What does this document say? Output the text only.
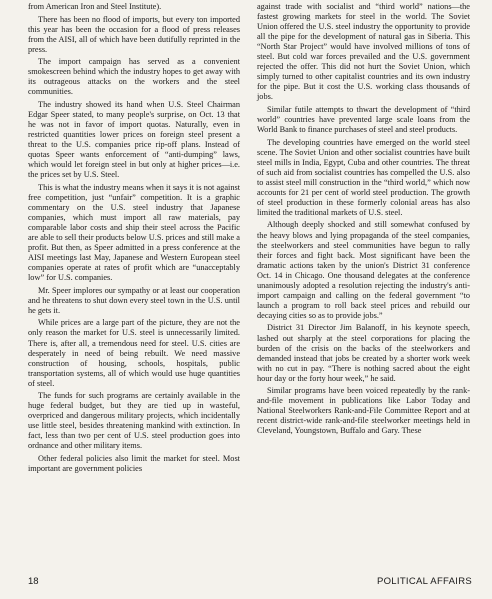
from American Iron and Steel Institute).

There has been no flood of imports, but every ton imported this year has been the occasion for a flood of press releases from the AISI, all of which have been dutifully reprinted in the press.

The import campaign has served as a convenient smokescreen behind which the industry hopes to get away with its outrageous attacks on the workers and the steel communities.

The industry showed its hand when U.S. Steel Chairman Edgar Speer stated, to many people's surprise, on Oct. 13 that he was not in favor of import quotas. Naturally, even in restricted quantities lower prices on foreign steel present a threat to the U.S. companies price rip-off plans. Instead of quotas Speer wants enforcement of “anti-dumping” laws, which would let foreign steel in but only at higher prices—i.e. the prices set by U.S. Steel.

This is what the industry means when it says it is not against free competition, just “unfair” competition. It is a graphic commentary on the U.S. steel industry that Japanese companies, which must import all raw materials, pay comparable labor costs and ship their steel across the Pacific are able to sell their products below U.S. prices and still make a profit. But then, as Speer admitted in a press conference at the AISI meetings last May, Japanese and Western European steel companies operate at rates of profit which are “unacceptably low” for U.S. companies.

Mr. Speer implores our sympathy or at least our cooperation and he threatens to shut down every steel town in the U.S. until he gets it.

While prices are a large part of the picture, they are not the only reason the market for U.S. steel is unnecessarily limited. There is, after all, a tremendous need for steel. U.S. cities are desperately in need of being rebuilt. We need massive construction of housing, schools, hospitals, public transportation systems, all of which would use huge quantities of steel.

The funds for such programs are certainly available in the huge federal budget, but they are tied up in wasteful, overpriced and dangerous military projects, which incidentally use little steel, besides threatening mankind with extinction. In fact, less than two per cent of U.S. steel production goes into ordnance and other military items.

Other federal policies also limit the market for steel. Most important are government policies

against trade with socialist and “third world” nations—the fastest growing markets for steel in the world. The Soviet Union offered the U.S. steel industry the opportunity to provide all the pipe for the development of natural gas in Siberia. This “North Star Project” would have involved millions of tons of steel. But cold war forces prevailed and the U.S. government rejected the offer. This did not hurt the Soviet Union, which simply turned to other capitalist countries and its own industry for the pipe. But it cost the U.S. working class thousands of jobs.

Similar futile attempts to thwart the development of “third world” countries have prevented large scale loans from the World Bank to finance purchases of steel and steel products.

The developing countries have emerged on the world steel scene. The Soviet Union and other socialist countries have built steel mills in India, Egypt, Cuba and other countries. The threat of such aid from socialist countries has compelled the U.S. also to assist steel mill construction in the “third world,” which now accounts for 21 per cent of world steel production. The growth of steel production in these formerly colonial areas has also limited the traditional markets of U.S. steel.

Although deeply shocked and still somewhat confused by the heavy blows and lying propaganda of the steel companies, the steelworkers and steel communities have begun to rally their forces and fight back. Most significant have been the dramatic actions taken by the union's District 31 conference Oct. 14 in Chicago. One thousand delegates at the conference unanimously adopted a resolution rejecting the industry's anti-import campaign and calling on the federal government “to launch a program to roll back steel prices and rebuild our decaying cities so as to provide jobs.”

District 31 Director Jim Balanoff, in his keynote speech, lashed out sharply at the steel corporations for placing the burden of the crisis on the backs of the steelworkers and demanded instead that jobs be created by a shorter work week with no cut in pay. “There is nothing sacred about the eight hour day or the forty hour week,” he said.

Similar programs have been voiced repeatedly by the rank-and-file movement in publications like Labor Today and National Steelworkers Rank-and-File Committee Report and at recent district-wide rank-and-file steelworker meetings held in Cleveland, Youngstown, Buffalo and Gary. These

18	POLITICAL AFFAIRS
